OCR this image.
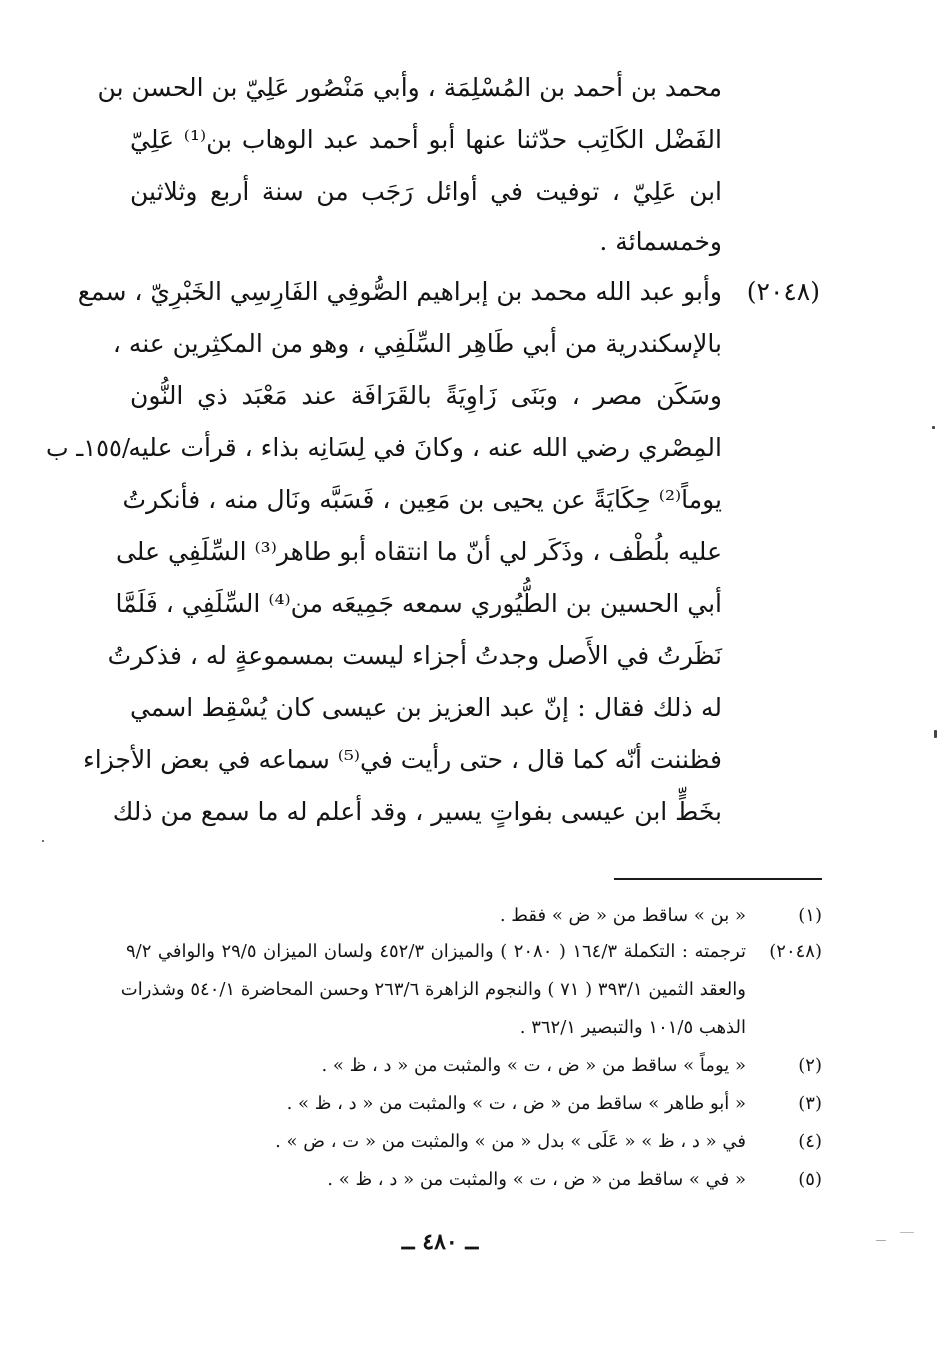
محمد بن أحمد بن المُسْلِمَة ، وأبي مَنْصُور عَلِيّ بن الحسن بن
الفَضْل الكَاتِب حدّثنا عنها أبو أحمد عبد الوهاب بن⁽¹⁾ عَلِيّ
ابن عَلِيّ ، توفيت في أوائل رَجَب من سنة أربع وثلاثين
وخمسمائة .
(٢٠٤٨)
وأبو عبد الله محمد بن إبراهيم الصُّوفِي الفَارِسِي الخَبْرِيّ ، سمع
بالإسكندرية من أبي طَاهِر السِّلَفِي ، وهو من المكثِرين عنه ،
وسَكَن مصر ، وبَنَى زَاوِيَةً بالقَرَافَة عند مَعْبَد ذي النُّون
المِصْري رضي الله عنه ، وكانَ في لِسَانِه بذاء ، قرأت عليه
/١٥٥ـ ب
يوماً⁽²⁾ حِكَايَةً عن يحيى بن مَعِين ، فَسَبَّه ونَال منه ، فأنكرتُ
عليه بلُطْف ، وذَكَر لي أنّ ما انتقاه أبو طاهر⁽³⁾ السِّلَفِي على
أبي الحسين بن الطُّيُوري سمعه جَمِيعَه من⁽⁴⁾ السِّلَفِي ، فَلَمَّا
نَظَرتُ في الأَصل وجدتُ أجزاء ليست بمسموعةٍ له ، فذكرتُ
له ذلك فقال : إنّ عبد العزيز بن عيسى كان يُسْقِط اسمي
فظننت أنّه كما قال ، حتى رأيت في⁽⁵⁾ سماعه في بعض الأجزاء
بخَطٍّ ابن عيسى بفواتٍ يسير ، وقد أعلم له ما سمع من ذلك
(١)
« بن » ساقط من « ض » فقط .
(٢٠٤٨)
ترجمته : التكملة ١٦٤/٣ ( ٢٠٨٠ ) والميزان ٤٥٢/٣ ولسان الميزان ٢٩/٥ والوافي ٩/٢
والعقد الثمين ٣٩٣/١ ( ٧١ ) والنجوم الزاهرة ٢٦٣/٦ وحسن المحاضرة ٥٤٠/١ وشذرات
الذهب ١٠١/٥ والتبصير ٣٦٢/١ .
(٢)
« يوماً » ساقط من « ض ، ت » والمثبت من « د ، ظ » .
(٣)
« أبو طاهر » ساقط من « ض ، ت » والمثبت من « د ، ظ » .
(٤)
في « د ، ظ » « عَلَى » بدل « من » والمثبت من « ت ، ض » .
(٥)
« في » ساقط من « ض ، ت » والمثبت من « د ، ظ » .
ــ ٤٨٠ ــ
